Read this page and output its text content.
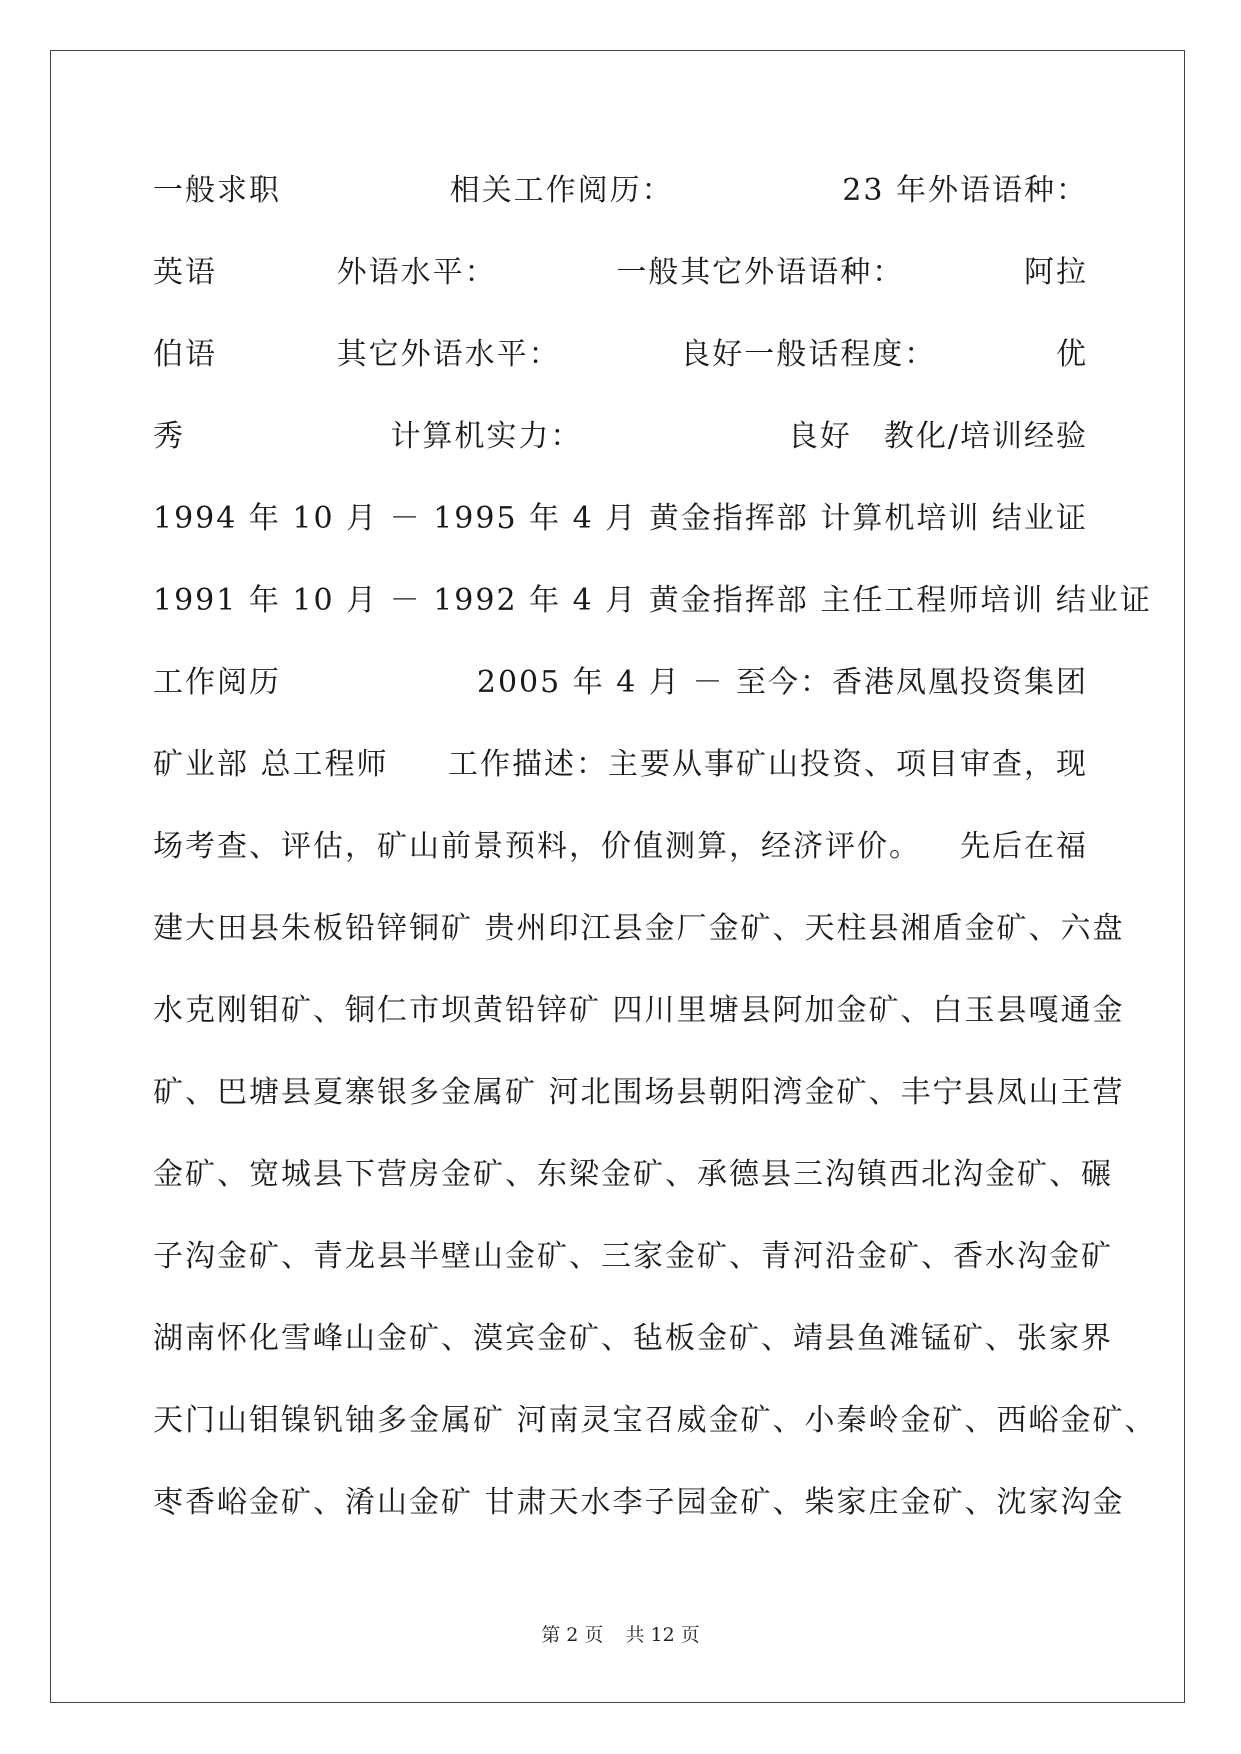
一般求职	相关工作阅历：	23 年外语语种：
英语	外语水平：	一般其它外语语种：	阿拉
伯语	其它外语水平：	良好一般话程度：	优
秀	计算机实力：	良好　教化/培训经验
1994 年 10 月 － 1995 年 4 月 黄金指挥部 计算机培训 结业证
1991 年 10 月 － 1992 年 4 月 黄金指挥部 主任工程师培训 结业证
工作阅历	2005 年 4 月 － 至今：香港凤凰投资集团
矿业部 总工程师 工作描述：主要从事矿山投资、项目审查，现
场考查、评估，矿山前景预料，价值测算，经济评价。 先后在福
建大田县朱板铅锌铜矿 贵州印江县金厂金矿、天柱县湘盾金矿、六盘
水克刚钼矿、铜仁市坝黄铅锌矿 四川里塘县阿加金矿、白玉县嘎通金
矿、巴塘县夏寨银多金属矿 河北围场县朝阳湾金矿、丰宁县凤山王营
金矿、宽城县下营房金矿、东梁金矿、承德县三沟镇西北沟金矿、碾
子沟金矿、青龙县半壁山金矿、三家金矿、青河沿金矿、香水沟金矿
湖南怀化雪峰山金矿、漠宾金矿、毡板金矿、靖县鱼滩锰矿、张家界
天门山钼镍钒铀多金属矿 河南灵宝召威金矿、小秦岭金矿、西峪金矿、
枣香峪金矿、淆山金矿 甘肃天水李子园金矿、柴家庄金矿、沈家沟金
第 2 页 共 12 页
